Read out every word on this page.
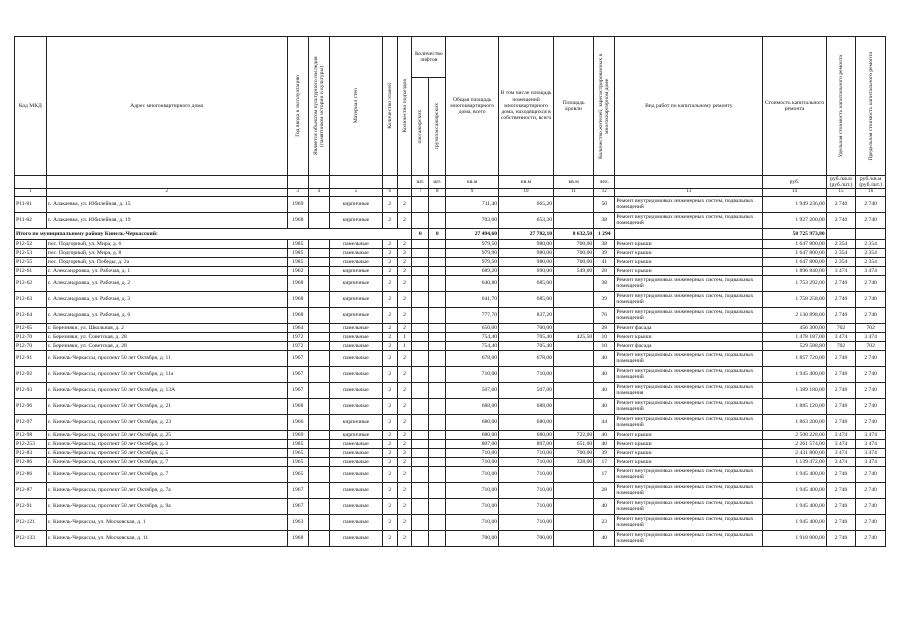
Код МКД	Адрес многоквартирного дома	Год ввода в эксплуатацию	Является объектом культурного наследия (памятником истории и культуры)	Материал стен	Количество этажей	Количество подъездов	Количество лифтов		Общая площадь многоквартирного дома, всего	В том числе площадь помещений многоквартирного дома, находящихся в собственности, всего	Площадь кровли	Количество жителей, зарегистрированных в многоквартирном доме	Вид работ по капитальному ремонту	Стоимость капитального ремонта	Удельная стоимость капитального ремонта	Предельная стоимость капитального ремонта

							пассажирских	грузопассажирских								

							шт.	шт.	кв.м	кв.м	кв.м	чел.		руб.	руб./кв.м (руб./шт.)	руб./кв.м (руб./шт.)
1	2	3	4	5	6		7	8	9	10	11	12	13	14	15	16
Р11-81	с. Алакаевка, ул. Юбилейная, д. 15	1969		кирпичные	2	2			711,40	665,20		50	Ремонт внутридомовых инженерных систем, подвальных помещений	1 949 236,00	2 740	2 740
Р11-82	с. Алакаевка, ул. Юбилейная, д. 19	1968		кирпичные	2	2			703,00	653,30		38	Ремонт внутридомовых инженерных систем, подвальных помещений	1 927 200,00	2 740	2 740
Итого по муниципальному району Кинель-Черкасский:							0	0	27 494,60	27 782,10	8 632,50	1 294		58 725 973,80		
Р12-52	пос. Подгорный, ул. Мира, д. 6	1985		панельные	2	2			979,50	980,00	700,00	38	Ремонт крыши	1 647 800,00	2 354	2 354
Р12-53	пос. Подгорный, ул. Мира, д. 8	1985		панельные	2	2			979,90	980,00	700,00	39	Ремонт крыши	1 647 800,00	2 354	2 354
Р12-55	пос. Подгорный, ул. Победы, д. 2а	1985		панельные	2	2			979,50	980,00	700,00	41	Ремонт крыши	1 647 800,00	2 354	2 354
Р12-61	с. Александровка, ул. Рабочая, д. 1	1962		кирпичные	2	2			689,20	690,00	549,00	28	Ремонт крыши	1 896 840,00	3 474	3 474
Р12-62	с. Александровка, ул. Рабочая, д. 2	1968		кирпичные	2	2			640,80	685,00		38	Ремонт внутридомовых инженерных систем, подвальных помещений	1 753 292,00	2 740	2 740
Р12-63	с. Александровка, ул. Рабочая, д. 3	1968		кирпичные	2	2			641,70	685,00		39	Ремонт внутридомовых инженерных систем, подвальных помещений	1 758 258,00	2 740	2 740
Р12-64	с. Александровка, ул. Рабочая, д. 6	1968		кирпичные	2	2			777,70	837,20		76	Ремонт внутридомовых инженерных систем, подвальных помещений	2 130 898,00	2 740	2 740
Р12-65	с. Березняки, ул. Школьная, д. 2	1964		панельные	2	2			650,00	700,00		28	Ремонт фасада	456 300,00	702	702
Р12-70	с. Березняки, ул. Советская, д. 28	1972		панельные	2	1			754,40	705,40	425,50	10	Ремонт крыши	1 478 187,00	3 474	3 474
Р12-70	с. Березняки, ул. Советская, д. 28	1972		панельные	2	1			754,40	705,40		10	Ремонт фасада	529 588,80	702	702
Р12-91	с. Кинель-Черкассы, проспект 50 лет Октября, д. 11	1967		панельные	2	2			678,00	678,00		40	Ремонт внутридомовых инженерных систем, подвальных помещений	1 857 720,00	2 740	2 740
Р12-92	с. Кинель-Черкассы, проспект 50 лет Октября, д. 11а	1967		панельные	2	2			710,00	710,00		40	Ремонт внутридомовых инженерных систем, подвальных помещений	1 945 400,00	2 740	2 740
Р12-93	с. Кинель-Черкассы, проспект 50 лет Октября, д. 13А	1967		панельные	2	2			507,00	507,00		40	Ремонт внутридомовых инженерных систем, подвальных помещения	1 389 180,00	2 740	2 740
Р12-96	с. Кинель-Черкассы, проспект 50 лет Октября, д. 21	1968		панельные	2	2			688,00	688,00		40	Ремонт внутридомовых инженерных систем, подвальных помещений	1 885 120,00	2 740	2 740
Р12-97	с. Кинель-Черкассы, проспект 50 лет Октября, д. 23	1966		кирпичные	2	2			680,00	680,00		44	Ремонт внутридомовых инженерных систем, подвальных помещений	1 863 200,00	2 740	2 740
Р12-98	с. Кинель-Черкассы, проспект 50 лет Октября, д. 25	1969		кирпичные	2	2			680,00	680,00	722,00	40	Ремонт крыши	2 508 228,00	3 474	3 474
Р12-253	с. Кинель-Черкассы, проспект 50 лет Октября, д. 3	1985		панельные	2	2			807,00	807,00	651,00	40	Ремонт крыши	2 261 574,00	3 474	3 474
Р12-83	с. Кинель-Черкассы, проспект 50 лет Октября, д. 5	1965		панельные	2	2			710,00	710,00	700,00	39	Ремонт крыши	2 431 800,00	3 474	3 474
Р12-86	с. Кинель-Черкассы, проспект 50 лет Октября, д. 7	1965		панельные	2	2			710,00	710,00	328,00	17	Ремонт крыши	1 139 472,00	3 474	3 474
Р12-86	с. Кинель-Черкассы, проспект 50 лет Октября, д. 7	1965		панельные	2	2			710,00	710,00		17	Ремонт внутридомовых инженерных систем, подвальных помещений	1 945 400,00	2 740	2 740
Р12-87	с. Кинель-Черкассы, проспект 50 лет Октября, д. 7а	1967		панельные	2	2			710,00	710,00		28	Ремонт внутридомовых инженерных систем, подвальных помещений	1 945 400,00	2 740	2 740
Р12-91	с. Кинель-Черкассы, проспект 50 лет Октября, д. 9а	1967		панельные	2	2			710,00	710,00		40	Ремонт внутридомовых инженерных систем, подвальных помещений	1 945 400,00	2 740	2 740
Р12-121	с. Кинель-Черкассы, ул. Московская, д. 1	1963		панельные	2	2			710,00	710,00		23	Ремонт внутридомовых инженерных систем, подвальных помещений	1 945 400,00	2 740	2 740
Р12-133	с. Кинель-Черкассы, ул. Московская, д. 11	1968		панельные	2	2			700,00	700,00		40	Ремонт внутридомовых инженерных систем, подвальных помещений	1 918 000,00	2 740	2 740
